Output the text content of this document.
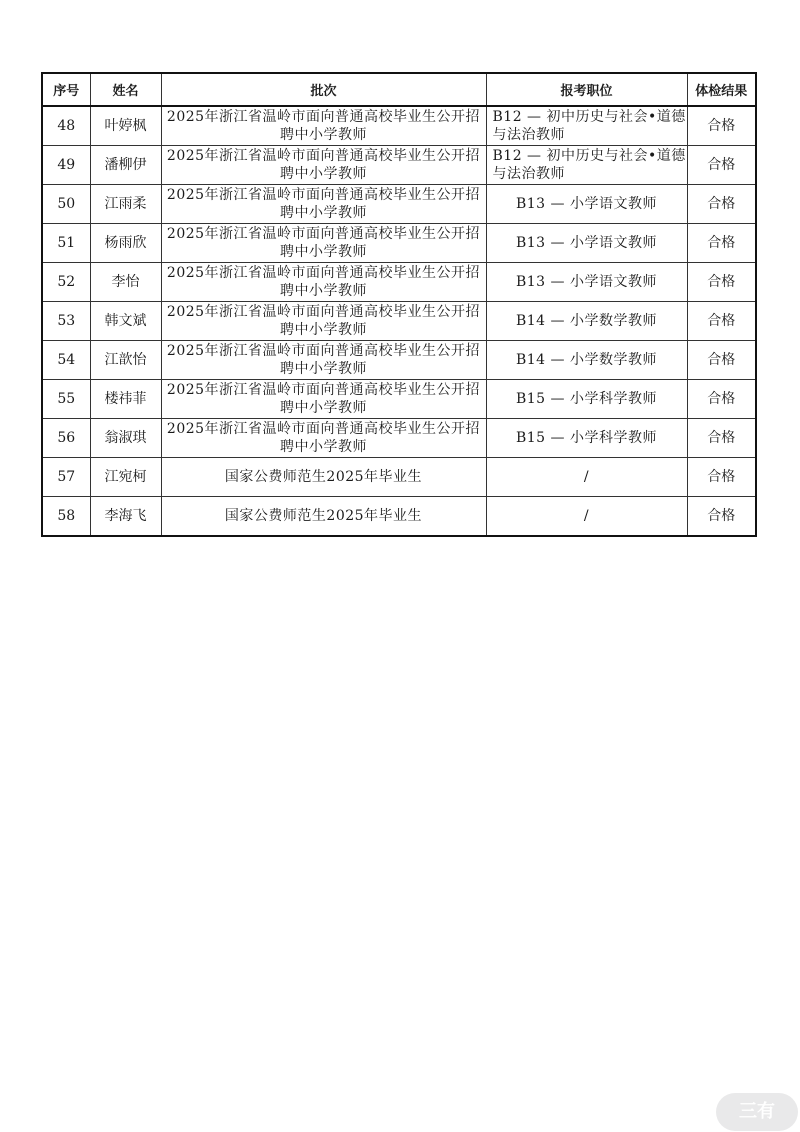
序号	姓名	批次	报考职位	体检结果
48	叶婷枫	2025年浙江省温岭市面向普通高校毕业生公开招聘中小学教师	B12 — 初中历史与社会•道德与法治教师	合格
49	潘柳伊	2025年浙江省温岭市面向普通高校毕业生公开招聘中小学教师	B12 — 初中历史与社会•道德与法治教师	合格
50	江雨柔	2025年浙江省温岭市面向普通高校毕业生公开招聘中小学教师	B13 — 小学语文教师	合格
51	杨雨欣	2025年浙江省温岭市面向普通高校毕业生公开招聘中小学教师	B13 — 小学语文教师	合格
52	李怡	2025年浙江省温岭市面向普通高校毕业生公开招聘中小学教师	B13 — 小学语文教师	合格
53	韩文斌	2025年浙江省温岭市面向普通高校毕业生公开招聘中小学教师	B14 — 小学数学教师	合格
54	江歆怡	2025年浙江省温岭市面向普通高校毕业生公开招聘中小学教师	B14 — 小学数学教师	合格
55	楼祎菲	2025年浙江省温岭市面向普通高校毕业生公开招聘中小学教师	B15 — 小学科学教师	合格
56	翁淑琪	2025年浙江省温岭市面向普通高校毕业生公开招聘中小学教师	B15 — 小学科学教师	合格
57	江宛柯	国家公费师范生2025年毕业生	/	合格
58	李海飞	国家公费师范生2025年毕业生	/	合格
三有
